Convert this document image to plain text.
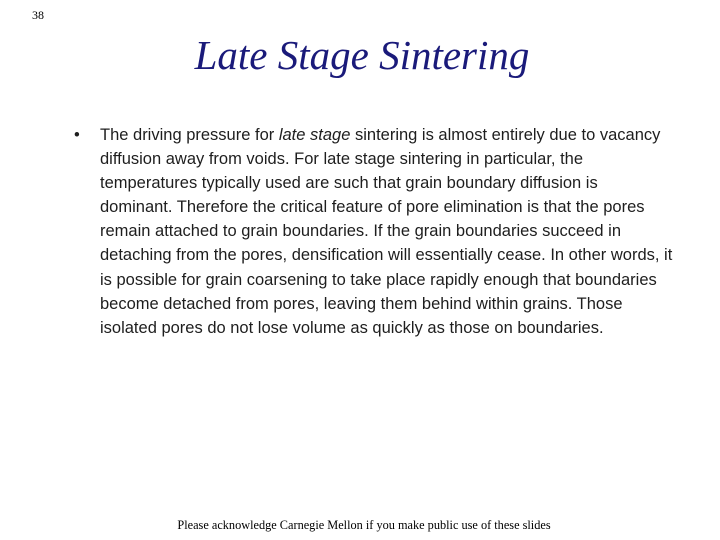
38
Late Stage Sintering
•	The driving pressure for late stage sintering is almost entirely due to vacancy diffusion away from voids. For late stage sintering in particular, the temperatures typically used are such that grain boundary diffusion is dominant. Therefore the critical feature of pore elimination is that the pores remain attached to grain boundaries. If the grain boundaries succeed in detaching from the pores, densification will essentially cease. In other words, it is possible for grain coarsening to take place rapidly enough that boundaries become detached from pores, leaving them behind within grains. Those isolated pores do not lose volume as quickly as those on boundaries.
Please acknowledge Carnegie Mellon if you make public use of these slides
